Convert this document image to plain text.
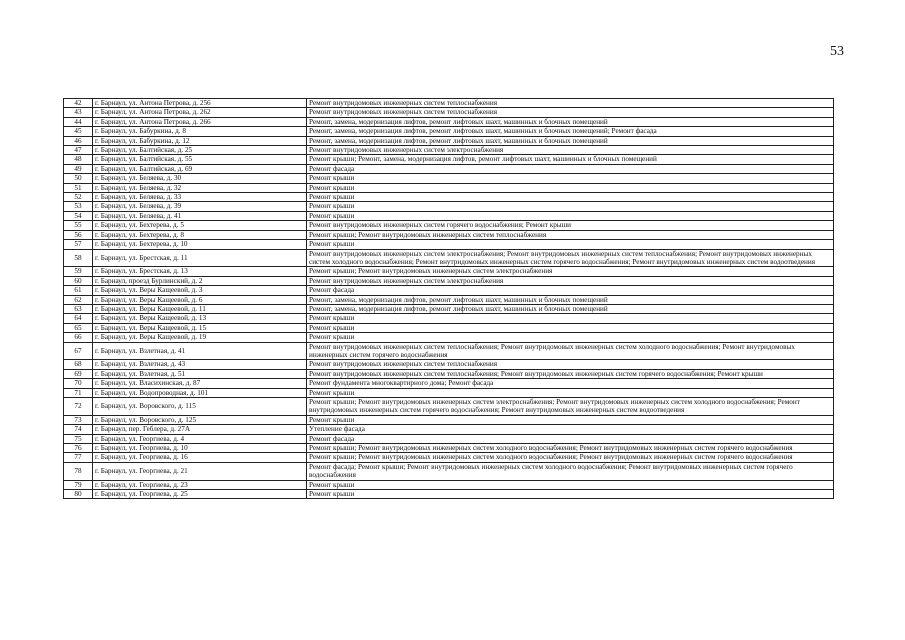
53
42	г. Барнаул, ул. Антона Петрова, д. 256	Ремонт внутридомовых инженерных систем теплоснабжения
43	г. Барнаул, ул. Антона Петрова, д. 262	Ремонт внутридомовых инженерных систем теплоснабжения
44	г. Барнаул, ул. Антона Петрова, д. 266	Ремонт, замена, модернизация лифтов, ремонт лифтовых шахт, машинных и блочных помещений
45	г. Барнаул, ул. Бабуркина, д. 8	Ремонт, замена, модернизация лифтов, ремонт лифтовых шахт, машинных и блочных помещений; Ремонт фасада
46	г. Барнаул, ул. Бабуркина, д. 12	Ремонт, замена, модернизация лифтов, ремонт лифтовых шахт, машинных и блочных помещений
47	г. Барнаул, ул. Балтийская, д. 25	Ремонт внутридомовых инженерных систем электроснабжения
48	г. Барнаул, ул. Балтийская, д. 55	Ремонт крыши; Ремонт, замена, модернизация лифтов, ремонт лифтовых шахт, машинных и блочных помещений
49	г. Барнаул, ул. Балтийская, д. 69	Ремонт фасада
50	г. Барнаул, ул. Беляева, д. 30	Ремонт крыши
51	г. Барнаул, ул. Беляева, д. 32	Ремонт крыши
52	г. Барнаул, ул. Беляева, д. 33	Ремонт крыши
53	г. Барнаул, ул. Беляева, д. 39	Ремонт крыши
54	г. Барнаул, ул. Беляева, д. 41	Ремонт крыши
55	г. Барнаул, ул. Бехтерева, д. 5	Ремонт внутридомовых инженерных систем горячего водоснабжения; Ремонт крыши
56	г. Барнаул, ул. Бехтерева, д. 8	Ремонт крыши; Ремонт внутридомовых инженерных систем теплоснабжения
57	г. Барнаул, ул. Бехтерева, д. 10	Ремонт крыши
58	г. Барнаул, ул. Брестская, д. 11	Ремонт внутридомовых инженерных систем электроснабжения; Ремонт внутридомовых инженерных систем теплоснабжения; Ремонт внутридомовых инженерных систем холодного водоснабжения; Ремонт внутридомовых инженерных систем горячего водоснабжения; Ремонт внутридомовых инженерных систем водоотведения
59	г. Барнаул, ул. Брестская, д. 13	Ремонт крыши; Ремонт внутридомовых инженерных систем электроснабжения
60	г. Барнаул, проезд Бурлинский, д. 2	Ремонт внутридомовых инженерных систем электроснабжения
61	г. Барнаул, ул. Веры Кащеевой, д. 3	Ремонт фасада
62	г. Барнаул, ул. Веры Кащеевой, д. 6	Ремонт, замена, модернизация лифтов, ремонт лифтовых шахт, машинных и блочных помещений
63	г. Барнаул, ул. Веры Кащеевой, д. 11	Ремонт, замена, модернизация лифтов, ремонт лифтовых шахт, машинных и блочных помещений
64	г. Барнаул, ул. Веры Кащеевой, д. 13	Ремонт крыши
65	г. Барнаул, ул. Веры Кащеевой, д. 15	Ремонт крыши
66	г. Барнаул, ул. Веры Кащеевой, д. 19	Ремонт крыши
67	г. Барнаул, ул. Взлетная, д. 41	Ремонт внутридомовых инженерных систем теплоснабжения; Ремонт внутридомовых инженерных систем холодного водоснабжения; Ремонт внутридомовых инженерных систем горячего водоснабжения
68	г. Барнаул, ул. Взлетная, д. 43	Ремонт внутридомовых инженерных систем теплоснабжения
69	г. Барнаул, ул. Взлетная, д. 51	Ремонт внутридомовых инженерных систем теплоснабжения; Ремонт внутридомовых инженерных систем горячего водоснабжения; Ремонт крыши
70	г. Барнаул, ул. Власихинская, д. 87	Ремонт фундамента многоквартирного дома; Ремонт фасада
71	г. Барнаул, ул. Водопроводная, д. 101	Ремонт крыши
72	г. Барнаул, ул. Воровского, д. 115	Ремонт крыши; Ремонт внутридомовых инженерных систем электроснабжения; Ремонт внутридомовых инженерных систем холодного водоснабжения; Ремонт внутридомовых инженерных систем горячего водоснабжения; Ремонт внутридомовых инженерных систем водоотведения
73	г. Барнаул, ул. Воровского, д. 125	Ремонт крыши
74	г. Барнаул, пер. Геблера, д. 27А	Утепление фасада
75	г. Барнаул, ул. Георгиева, д. 4	Ремонт фасада
76	г. Барнаул, ул. Георгиева, д. 10	Ремонт крыши; Ремонт внутридомовых инженерных систем холодного водоснабжения; Ремонт внутридомовых инженерных систем горячего водоснабжения
77	г. Барнаул, ул. Георгиева, д. 16	Ремонт крыши; Ремонт внутридомовых инженерных систем холодного водоснабжения; Ремонт внутридомовых инженерных систем горячего водоснабжения
78	г. Барнаул, ул. Георгиева, д. 21	Ремонт фасада; Ремонт крыши; Ремонт внутридомовых инженерных систем холодного водоснабжения; Ремонт внутридомовых инженерных систем горячего водоснабжения
79	г. Барнаул, ул. Георгиева, д. 23	Ремонт крыши
80	г. Барнаул, ул. Георгиева, д. 25	Ремонт крыши
